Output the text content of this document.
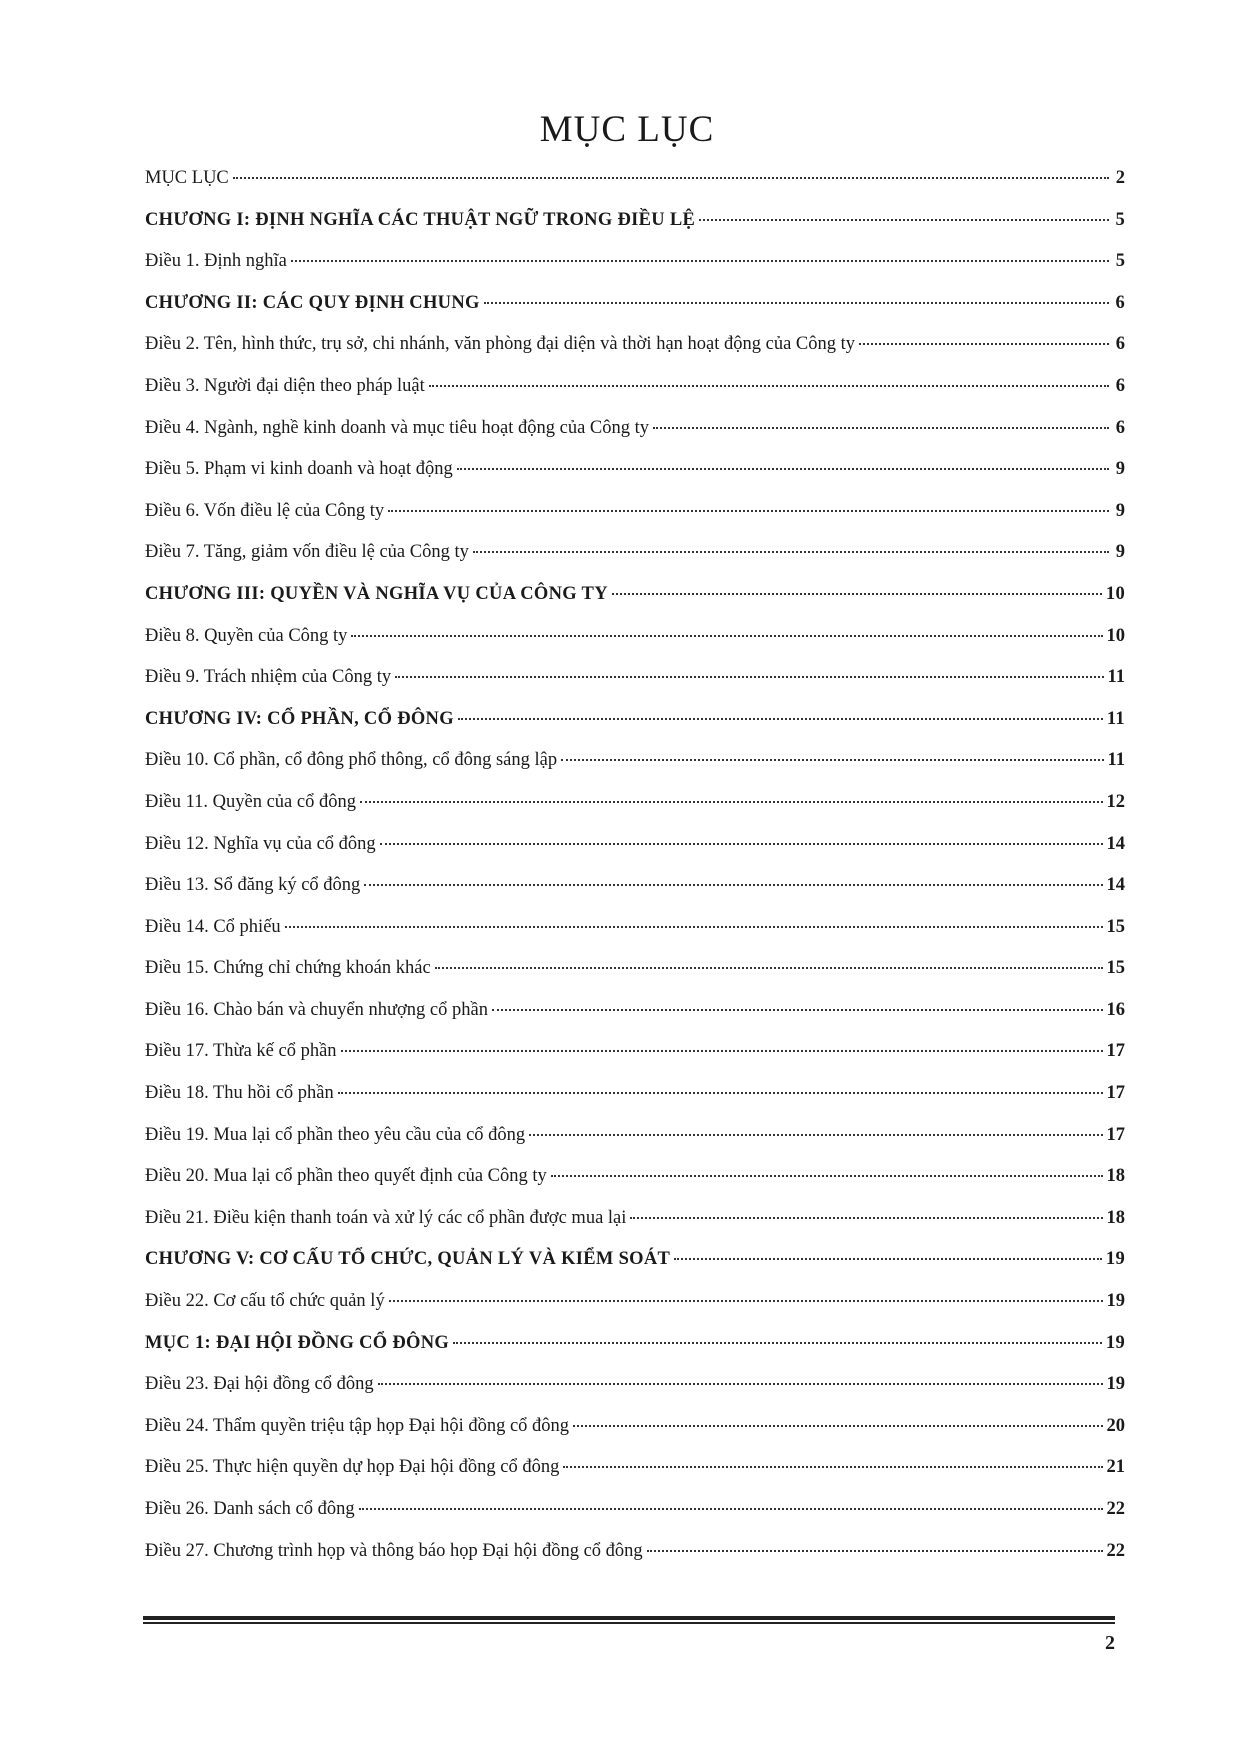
MỤC LỤC
MỤC LỤC	2
CHƯƠNG I: ĐỊNH NGHĨA CÁC THUẬT NGỮ TRONG ĐIỀU LỆ	5
Điều 1. Định nghĩa	5
CHƯƠNG II: CÁC QUY ĐỊNH CHUNG	6
Điều 2. Tên, hình thức, trụ sở, chi nhánh, văn phòng đại diện và thời hạn hoạt động của Công ty	6
Điều 3. Người đại diện theo pháp luật	6
Điều 4. Ngành, nghề kinh doanh và mục tiêu hoạt động của Công ty	6
Điều 5. Phạm vi kinh doanh và hoạt động	9
Điều 6. Vốn điều lệ của Công ty	9
Điều 7. Tăng, giảm vốn điều lệ của Công ty	9
CHƯƠNG III: QUYỀN VÀ NGHĨA VỤ CỦA CÔNG TY	10
Điều 8. Quyền của Công ty	10
Điều 9. Trách nhiệm của Công ty	11
CHƯƠNG IV: CỔ PHẦN, CỔ ĐÔNG	11
Điều 10. Cổ phần, cổ đông phổ thông, cổ đông sáng lập	11
Điều 11. Quyền của cổ đông	12
Điều 12. Nghĩa vụ của cổ đông	14
Điều 13. Sổ đăng ký cổ đông	14
Điều 14. Cổ phiếu	15
Điều 15. Chứng chỉ chứng khoán khác	15
Điều 16. Chào bán và chuyển nhượng cổ phần	16
Điều 17. Thừa kế cổ phần	17
Điều 18. Thu hồi cổ phần	17
Điều 19. Mua lại cổ phần theo yêu cầu của cổ đông	17
Điều 20. Mua lại cổ phần theo quyết định của Công ty	18
Điều 21. Điều kiện thanh toán và xử lý các cổ phần được mua lại	18
CHƯƠNG V: CƠ CẤU TỔ CHỨC, QUẢN LÝ VÀ KIỂM SOÁT	19
Điều 22. Cơ cấu tổ chức quản lý	19
MỤC 1: ĐẠI HỘI ĐỒNG CỔ ĐÔNG	19
Điều 23. Đại hội đồng cổ đông	19
Điều 24. Thẩm quyền triệu tập họp Đại hội đồng cổ đông	20
Điều 25. Thực hiện quyền dự họp Đại hội đồng cổ đông	21
Điều 26. Danh sách cổ đông	22
Điều 27. Chương trình họp và thông báo họp Đại hội đồng cổ đông	22
2
